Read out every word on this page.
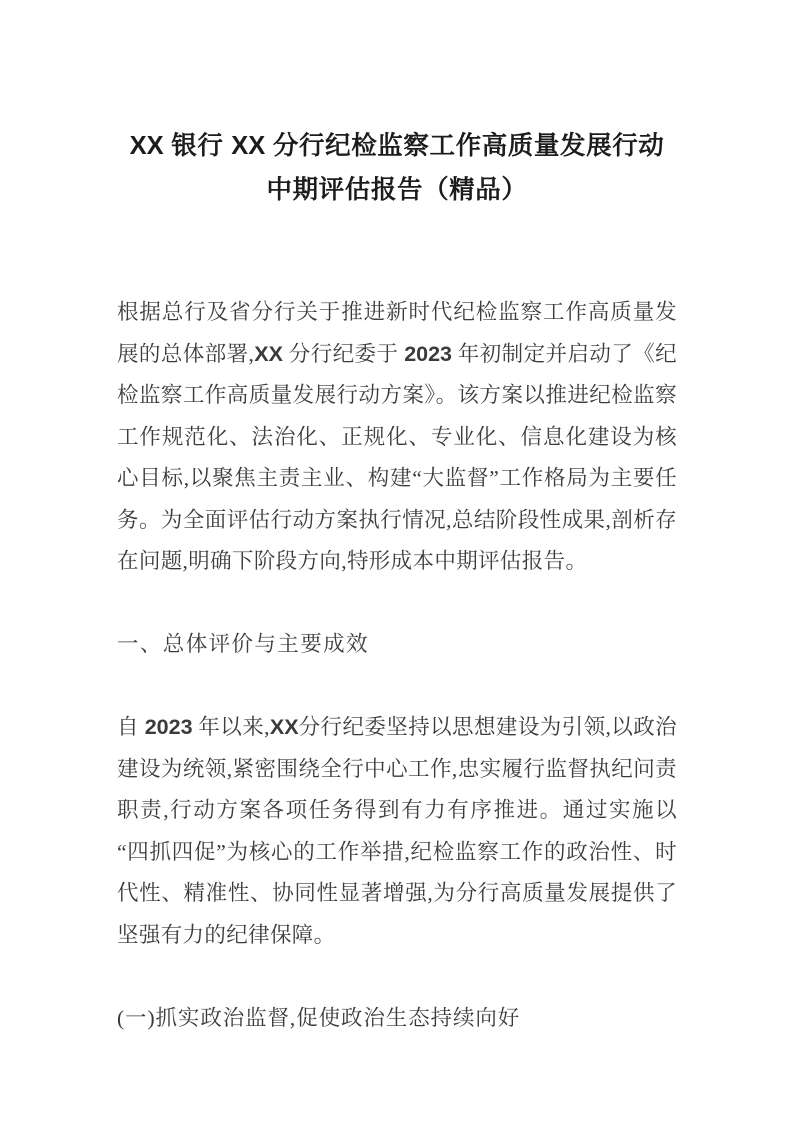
XX 银行 XX 分行纪检监察工作高质量发展行动中期评估报告（精品）

根据总行及省分行关于推进新时代纪检监察工作高质量发展的总体部署,XX 分行纪委于 2023 年初制定并启动了《纪检监察工作高质量发展行动方案》。该方案以推进纪检监察工作规范化、法治化、正规化、专业化、信息化建设为核心目标,以聚焦主责主业、构建“大监督”工作格局为主要任务。为全面评估行动方案执行情况,总结阶段性成果,剖析存在问题,明确下阶段方向,特形成本中期评估报告。

一、总体评价与主要成效

自 2023 年以来,XX分行纪委坚持以思想建设为引领,以政治建设为统领,紧密围绕全行中心工作,忠实履行监督执纪问责职责,行动方案各项任务得到有力有序推进。通过实施以“四抓四促”为核心的工作举措,纪检监察工作的政治性、时代性、精准性、协同性显著增强,为分行高质量发展提供了坚强有力的纪律保障。

(一)抓实政治监督,促使政治生态持续向好
